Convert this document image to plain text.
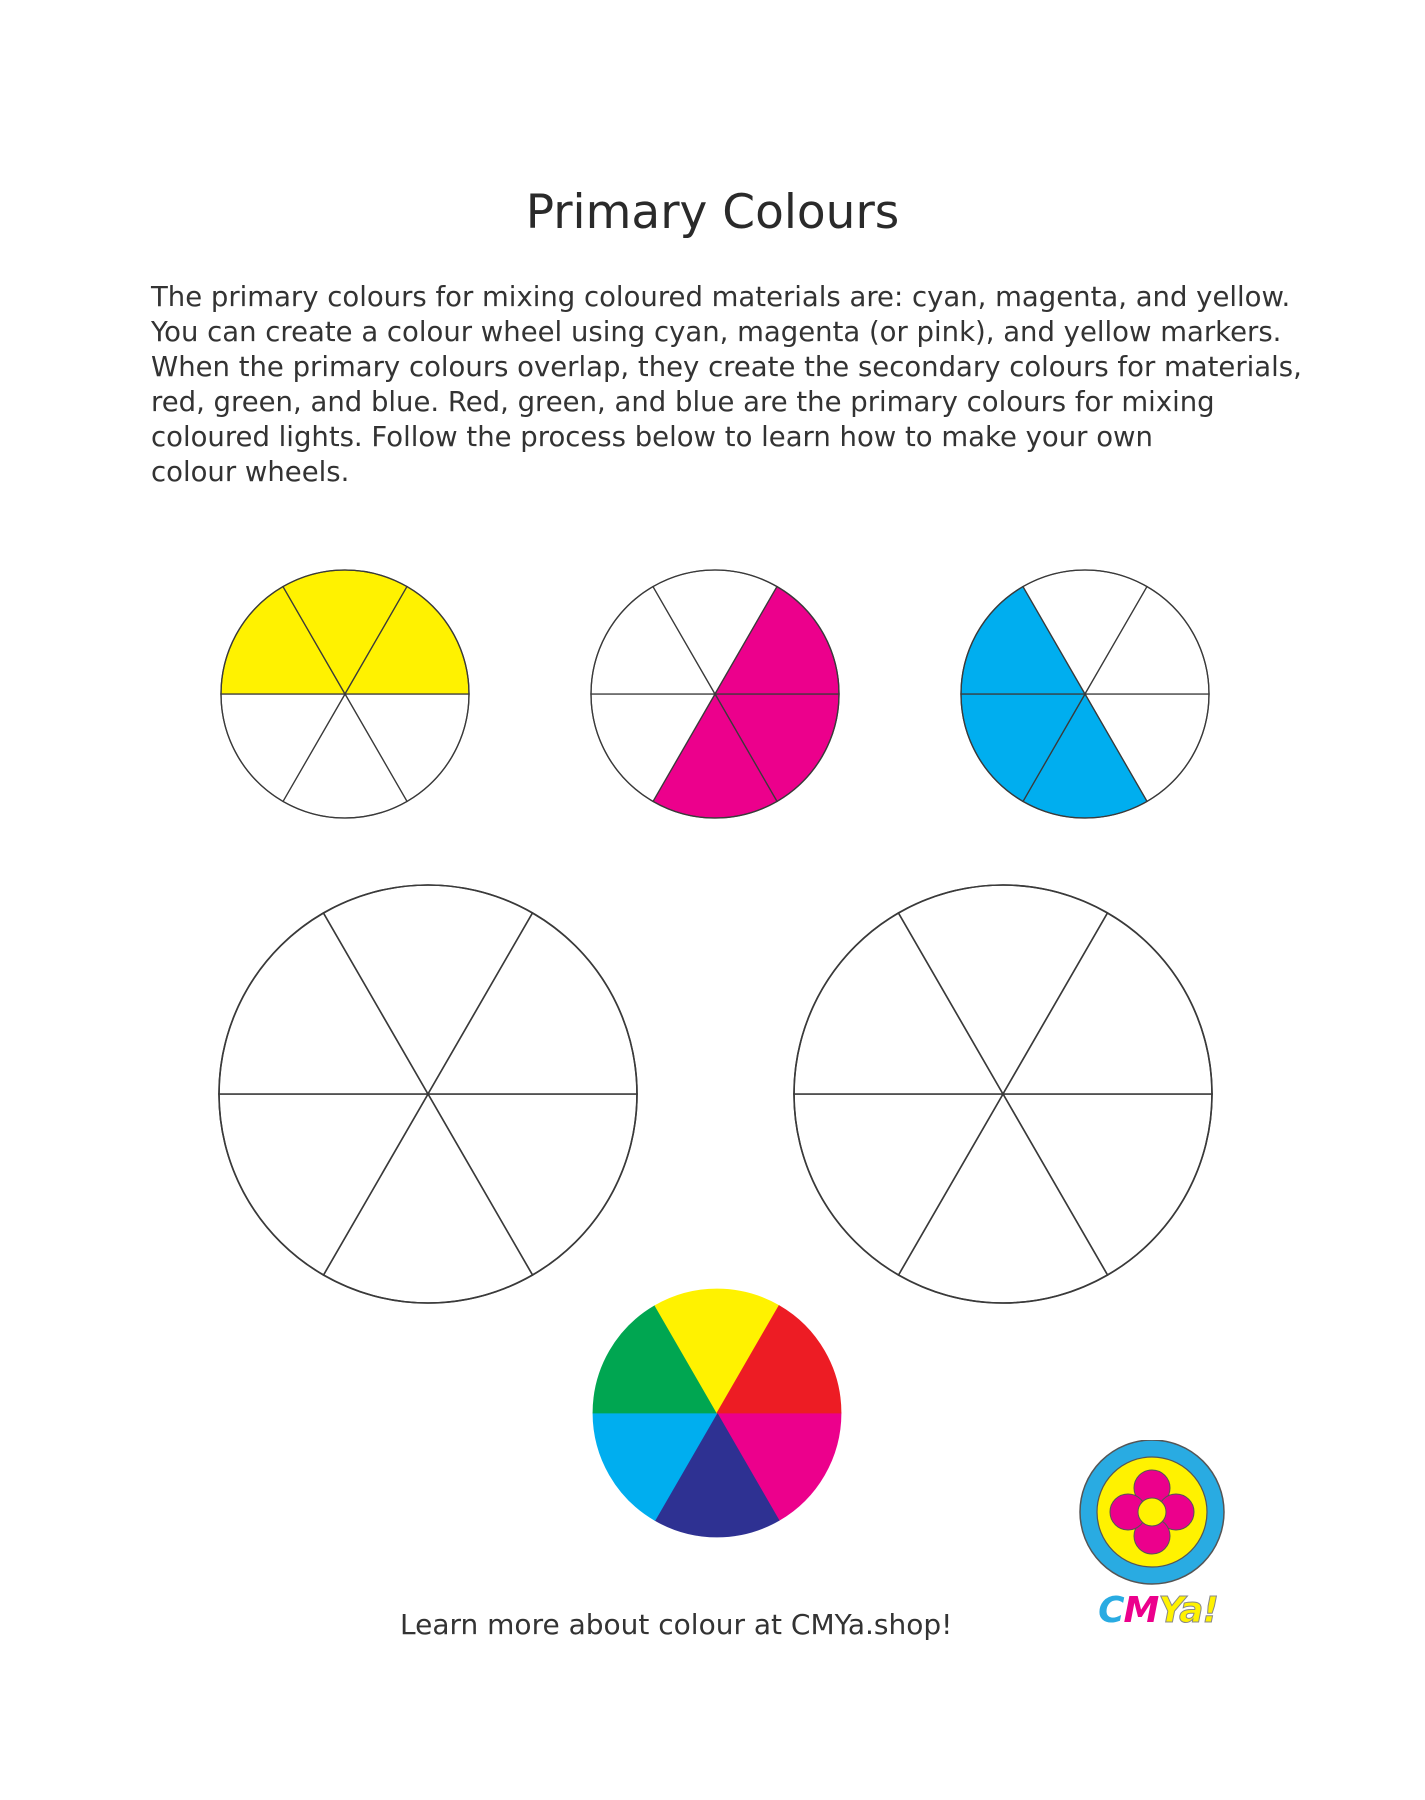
Primary Colours

The primary colours for mixing coloured materials are: cyan, magenta, and yellow.

You can create a colour wheel using cyan, magenta (or pink), and yellow markers.

When the primary colours overlap, they create the secondary colours for materials,

red, green, and blue. Red, green, and blue are the primary colours for mixing

coloured lights. Follow the process below to learn how to make your own

colour wheels.

Learn more about colour at CMYa.shop!	CMYa!
